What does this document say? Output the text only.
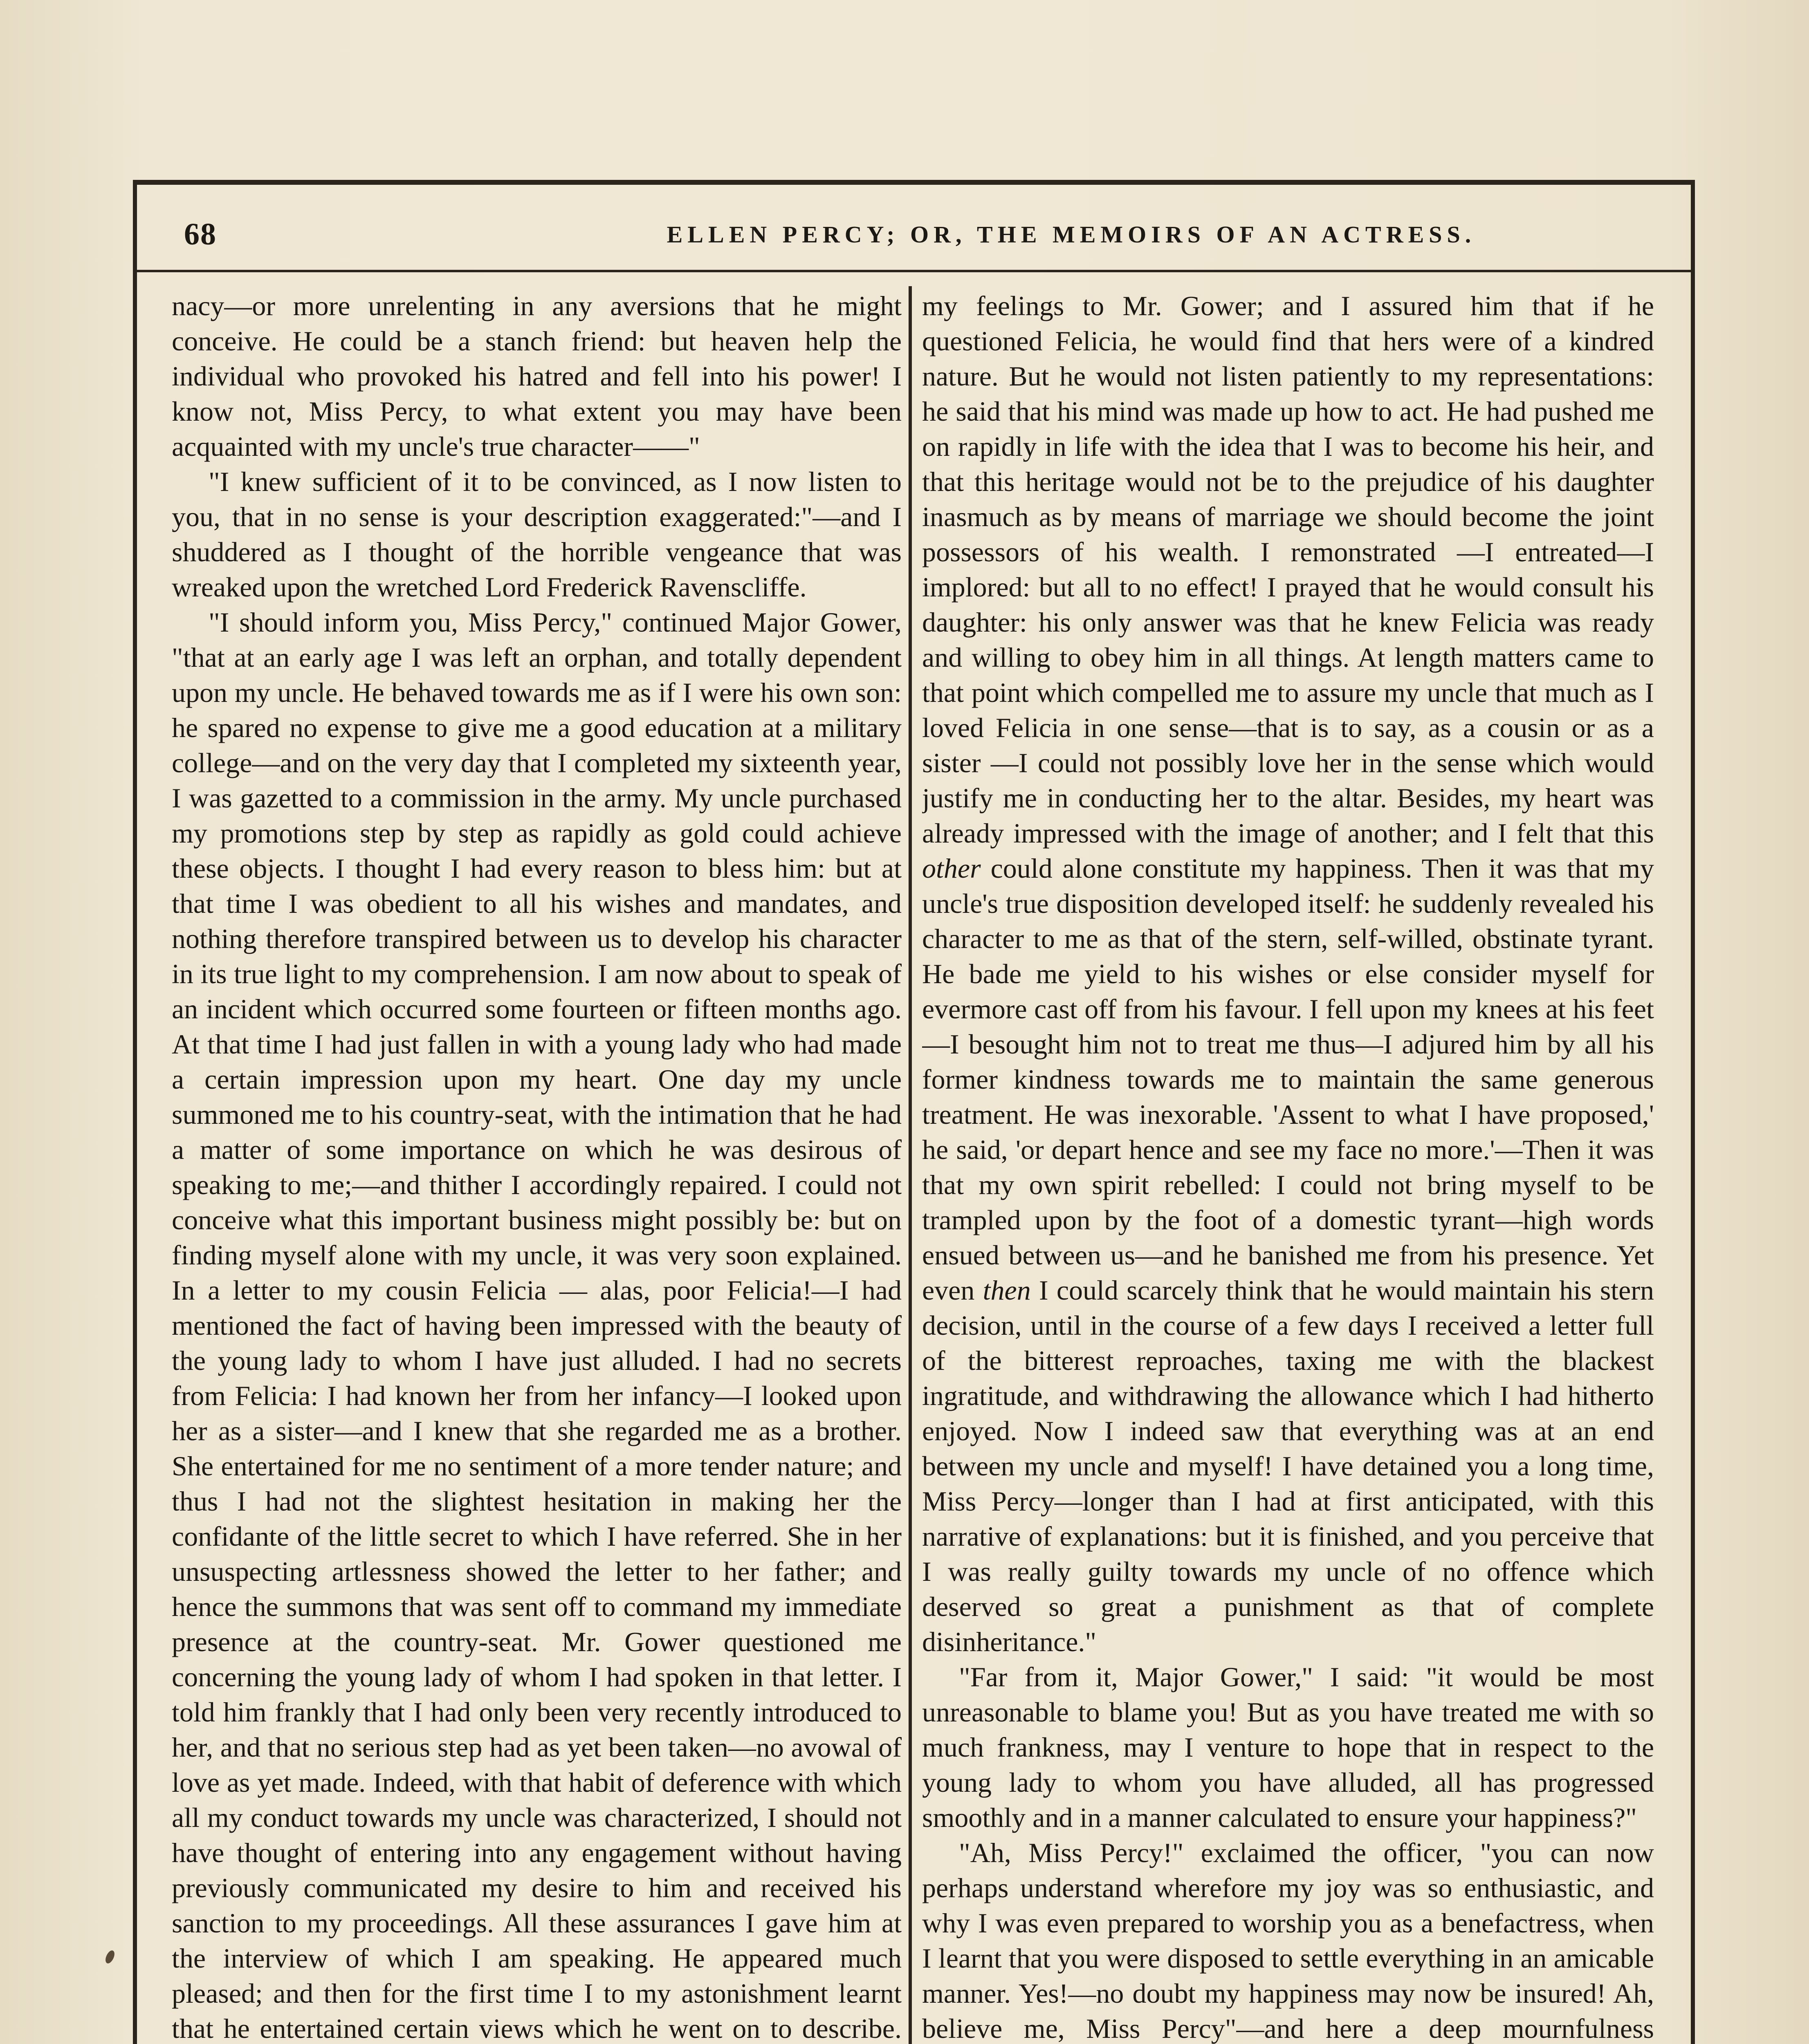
68	ELLEN PERCY; OR, THE MEMOIRS OF AN ACTRESS.

nacy—or more unrelenting in any aversions that he might conceive. He could be a stanch friend: but heaven help the individual who provoked his hatred and fell into his power! I know not, Miss Percy, to what extent you may have been acquainted with my uncle's true character——"

"I knew sufficient of it to be convinced, as I now listen to you, that in no sense is your description exaggerated:"—and I shuddered as I thought of the horrible vengeance that was wreaked upon the wretched Lord Frederick Ravenscliffe.

"I should inform you, Miss Percy," continued Major Gower, "that at an early age I was left an orphan, and totally dependent upon my uncle. He behaved towards me as if I were his own son: he spared no expense to give me a good education at a military college—and on the very day that I completed my sixteenth year, I was gazetted to a commission in the army. My uncle purchased my promotions step by step as rapidly as gold could achieve these objects. I thought I had every reason to bless him: but at that time I was obedient to all his wishes and mandates, and nothing therefore transpired between us to develop his character in its true light to my comprehension. I am now about to speak of an incident which occurred some fourteen or fifteen months ago. At that time I had just fallen in with a young lady who had made a certain impression upon my heart. One day my uncle summoned me to his country-seat, with the intimation that he had a matter of some importance on which he was desirous of speaking to me;—and thither I accordingly repaired. I could not conceive what this important business might possibly be: but on finding myself alone with my uncle, it was very soon explained. In a letter to my cousin Felicia — alas, poor Felicia!—I had mentioned the fact of having been impressed with the beauty of the young lady to whom I have just alluded. I had no secrets from Felicia: I had known her from her infancy—I looked upon her as a sister—and I knew that she regarded me as a brother. She entertained for me no sentiment of a more tender nature; and thus I had not the slightest hesitation in making her the confidante of the little secret to which I have referred. She in her unsuspecting artlessness showed the letter to her father; and hence the summons that was sent off to command my immediate presence at the country-seat. Mr. Gower questioned me concerning the young lady of whom I had spoken in that letter. I told him frankly that I had only been very recently introduced to her, and that no serious step had as yet been taken—no avowal of love as yet made. Indeed, with that habit of deference with which all my conduct towards my uncle was characterized, I should not have thought of entering into any engagement without having previously communicated my desire to him and received his sanction to my proceedings. All these assurances I gave him at the interview of which I am speaking. He appeared much pleased; and then for the first time I to my astonishment learnt that he entertained certain views which he went on to describe.

my feelings to Mr. Gower; and I assured him that if he questioned Felicia, he would find that hers were of a kindred nature. But he would not listen patiently to my representations: he said that his mind was made up how to act. He had pushed me on rapidly in life with the idea that I was to become his heir, and that this heritage would not be to the prejudice of his daughter inasmuch as by means of marriage we should become the joint possessors of his wealth. I remonstrated —I entreated—I implored: but all to no effect! I prayed that he would consult his daughter: his only answer was that he knew Felicia was ready and willing to obey him in all things. At length matters came to that point which compelled me to assure my uncle that much as I loved Felicia in one sense—that is to say, as a cousin or as a sister —I could not possibly love her in the sense which would justify me in conducting her to the altar. Besides, my heart was already impressed with the image of another; and I felt that this other could alone constitute my happiness. Then it was that my uncle's true disposition developed itself: he suddenly revealed his character to me as that of the stern, self-willed, obstinate tyrant. He bade me yield to his wishes or else consider myself for evermore cast off from his favour. I fell upon my knees at his feet—I besought him not to treat me thus—I adjured him by all his former kindness towards me to maintain the same generous treatment. He was inexorable. 'Assent to what I have proposed,' he said, 'or depart hence and see my face no more.'—Then it was that my own spirit rebelled: I could not bring myself to be trampled upon by the foot of a domestic tyrant—high words ensued between us—and he banished me from his presence. Yet even then I could scarcely think that he would maintain his stern decision, until in the course of a few days I received a letter full of the bitterest reproaches, taxing me with the blackest ingratitude, and withdrawing the allowance which I had hitherto enjoyed. Now I indeed saw that everything was at an end between my uncle and myself! I have detained you a long time, Miss Percy—longer than I had at first anticipated, with this narrative of explanations: but it is finished, and you perceive that I was really guilty towards my uncle of no offence which deserved so great a punishment as that of complete disinheritance."

"Far from it, Major Gower," I said: "it would be most unreasonable to blame you! But as you have treated me with so much frankness, may I venture to hope that in respect to the young lady to whom you have alluded, all has progressed smoothly and in a manner calculated to ensure your happiness?"

"Ah, Miss Percy!" exclaimed the officer, "you can now perhaps understand wherefore my joy was so enthusiastic, and why I was even prepared to worship you as a benefactress, when I learnt that you were disposed to settle everything in an amicable manner. Yes!—no doubt my happiness may now be insured! Ah, believe me, Miss Percy"—and here a deep mournfulness
